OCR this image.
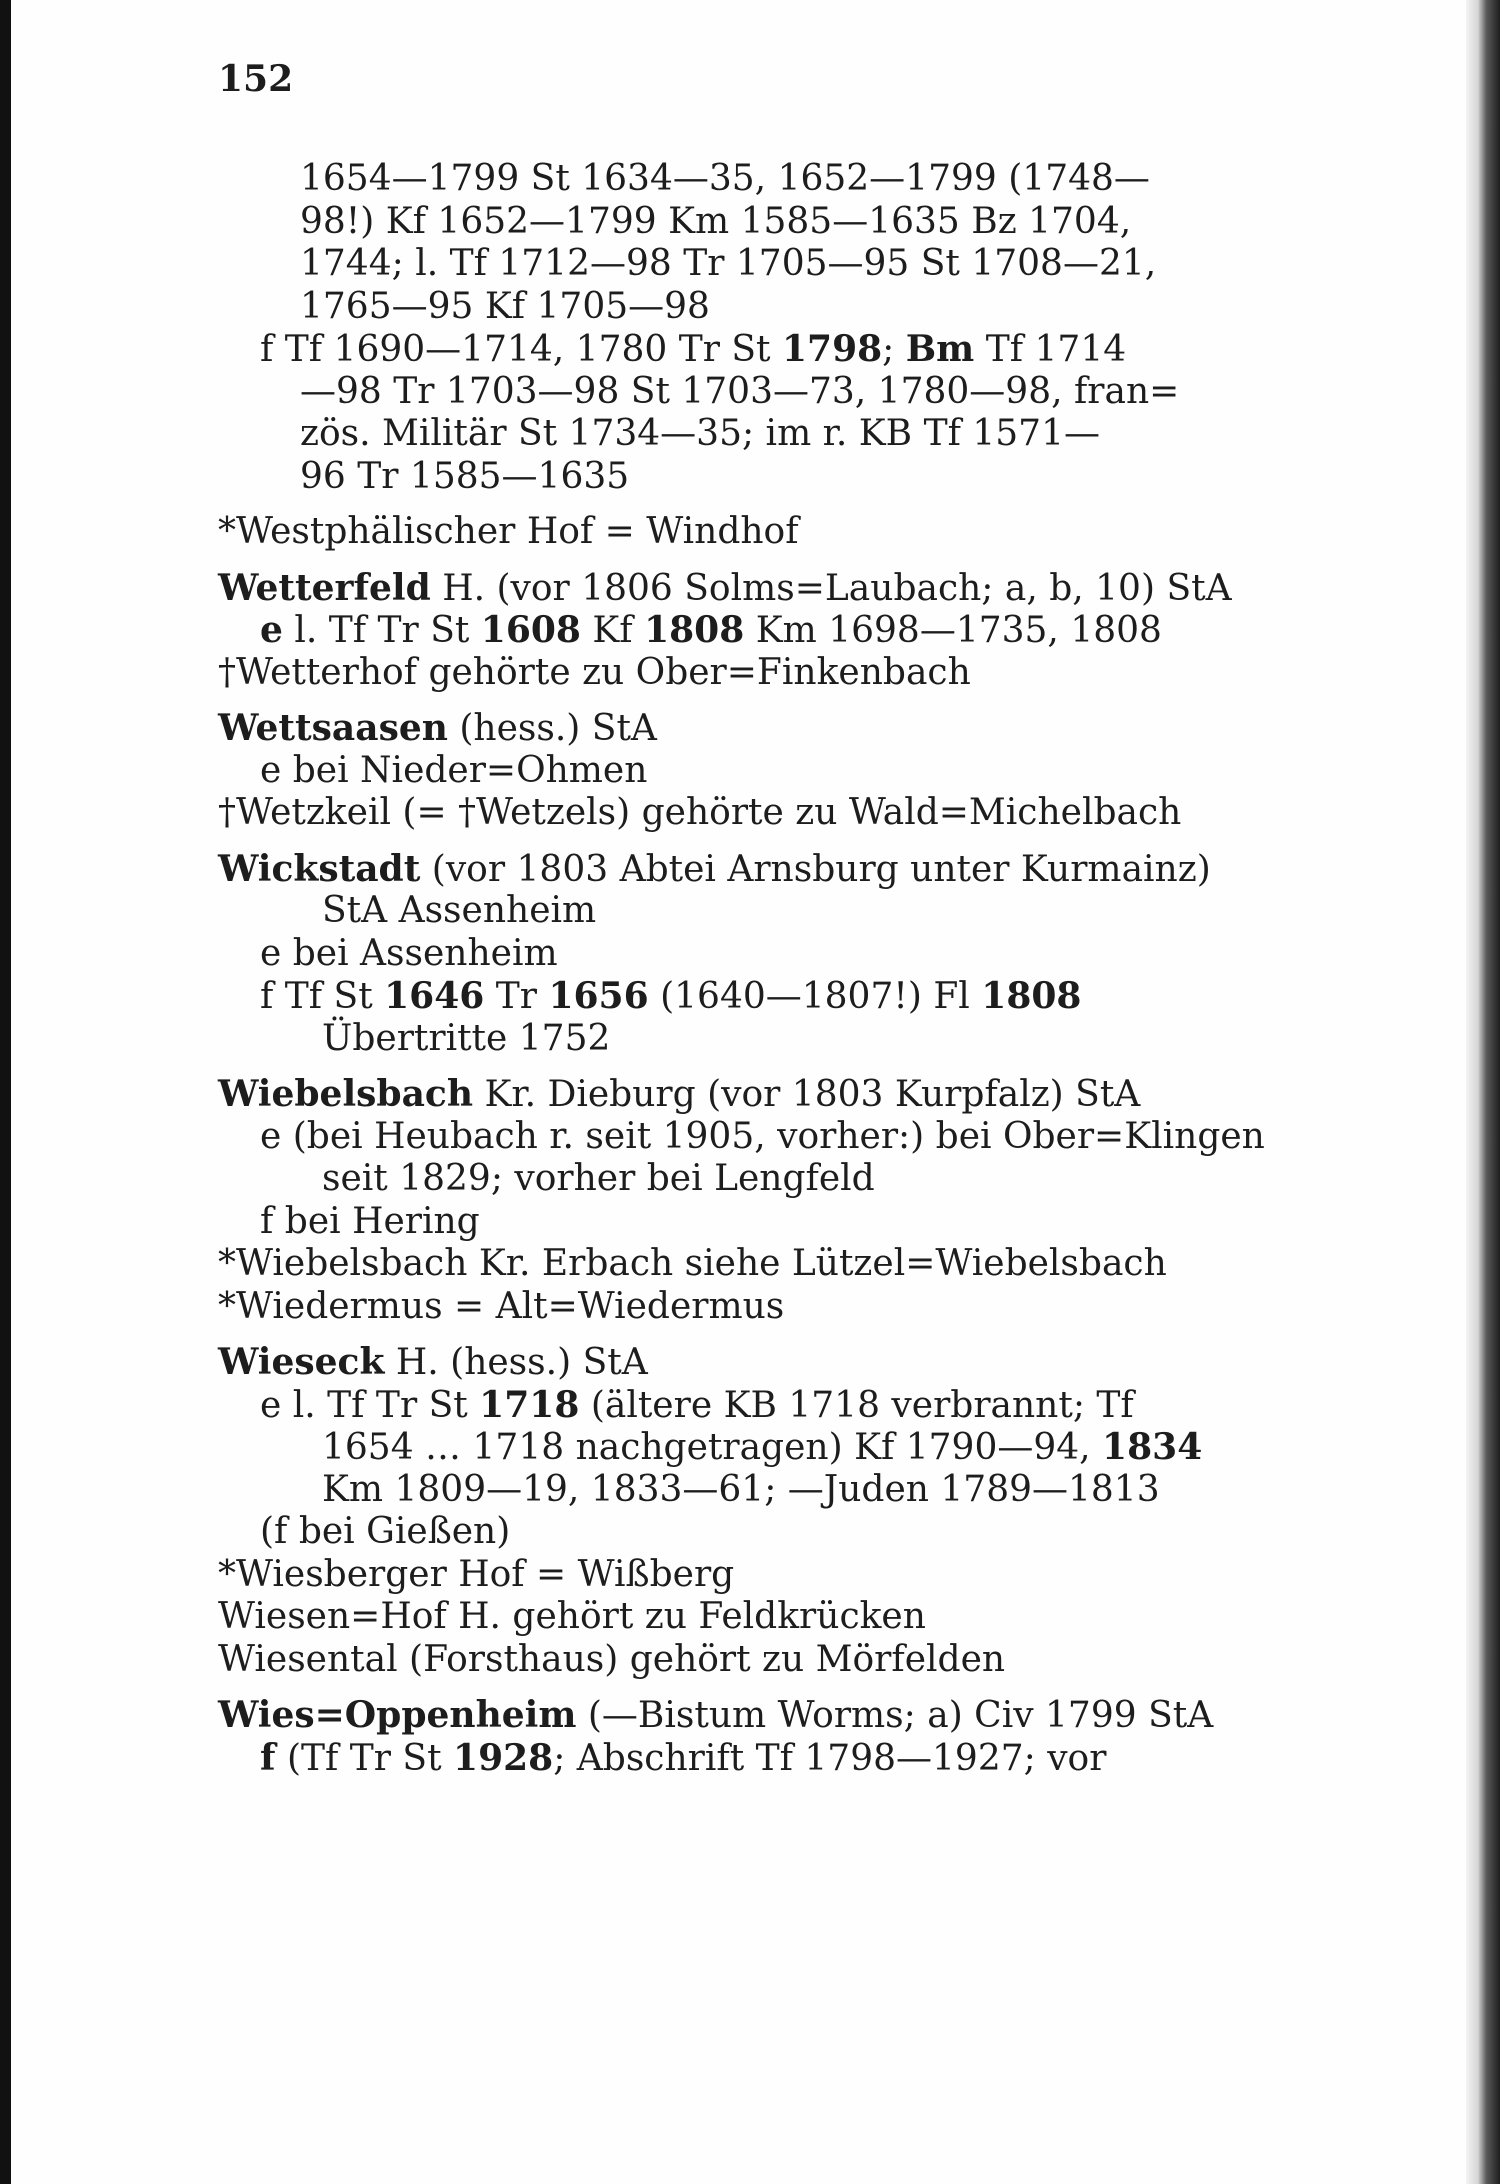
152
1654—1799 St 1634—35, 1652—1799 (1748—
98!) Kf 1652—1799 Km 1585—1635 Bz 1704,
1744; l. Tf 1712—98 Tr 1705—95 St 1708—21,
1765—95 Kf 1705—98
f Tf 1690—1714, 1780 Tr St 1798; Bm Tf 1714
—98 Tr 1703—98 St 1703—73, 1780—98, fran=
zös. Militär St 1734—35; im r. KB Tf 1571—
96 Tr 1585—1635
*Westphälischer Hof = Windhof
Wetterfeld H. (vor 1806 Solms=Laubach; a, b, 10) StA
e l. Tf Tr St 1608 Kf 1808 Km 1698—1735, 1808
†Wetterhof gehörte zu Ober=Finkenbach
Wettsaasen (hess.) StA
e bei Nieder=Ohmen
†Wetzkeil (= †Wetzels) gehörte zu Wald=Michelbach
Wickstadt (vor 1803 Abtei Arnsburg unter Kurmainz)
StA Assenheim
e bei Assenheim
f Tf St 1646 Tr 1656 (1640—1807!) Fl 1808
Übertritte 1752
Wiebelsbach Kr. Dieburg (vor 1803 Kurpfalz) StA
e (bei Heubach r. seit 1905, vorher:) bei Ober=Klingen
seit 1829; vorher bei Lengfeld
f bei Hering
*Wiebelsbach Kr. Erbach siehe Lützel=Wiebelsbach
*Wiedermus = Alt=Wiedermus
Wieseck H. (hess.) StA
e l. Tf Tr St 1718 (ältere KB 1718 verbrannt; Tf
1654 … 1718 nachgetragen) Kf 1790—94, 1834
Km 1809—19, 1833—61; —Juden 1789—1813
(f bei Gießen)
*Wiesberger Hof = Wißberg
Wiesen=Hof H. gehört zu Feldkrücken
Wiesental (Forsthaus) gehört zu Mörfelden
Wies=Oppenheim (—Bistum Worms; a) Civ 1799 StA
f (Tf Tr St 1928; Abschrift Tf 1798—1927; vor
